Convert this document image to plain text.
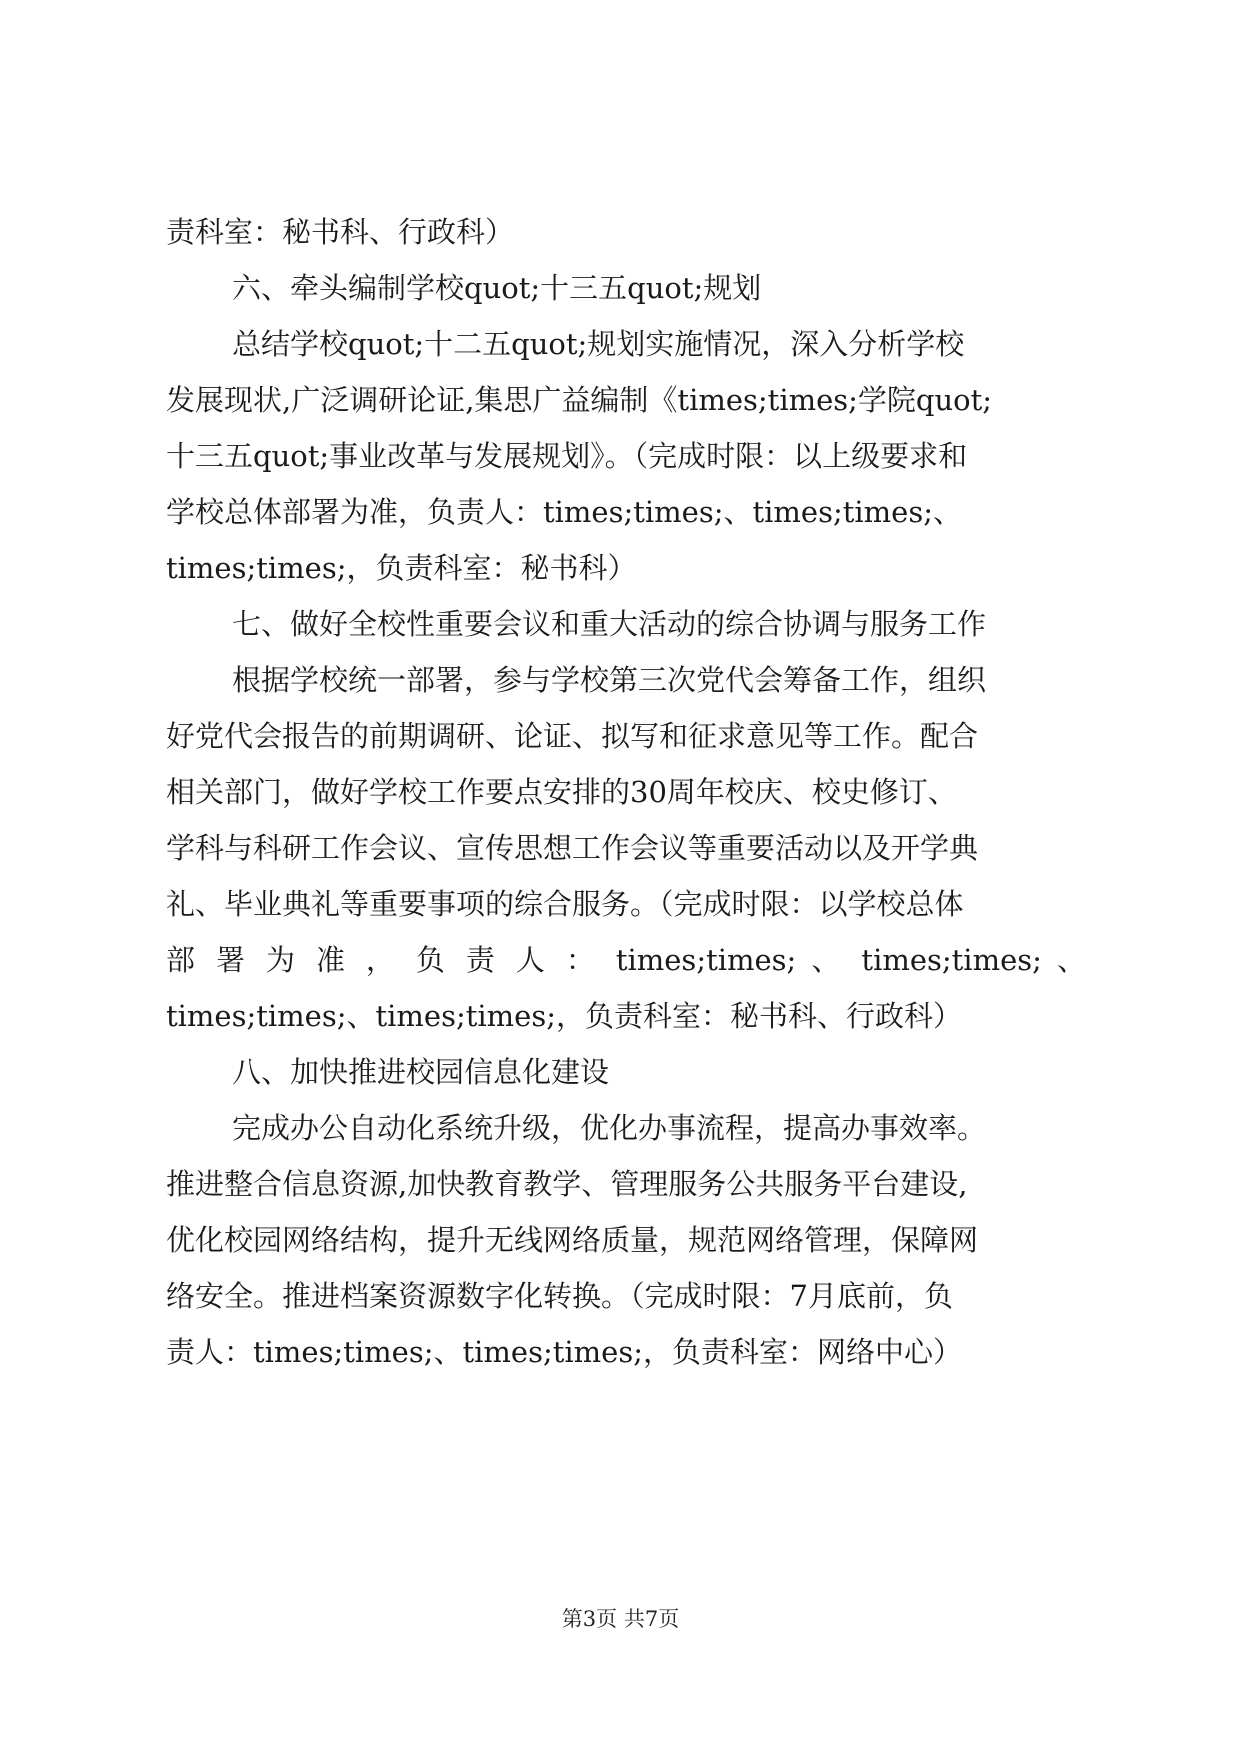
责科室：秘书科、行政科）
六、牵头编制学校quot;十三五quot;规划
总结学校quot;十二五quot;规划实施情况，深入分析学校
发展现状,广泛调研论证,集思广益编制《times;times;学院quot;
十三五quot;事业改革与发展规划》。（完成时限：以上级要求和
学校总体部署为准，负责人：times;times;、times;times;、
times;times;，负责科室：秘书科）
七、做好全校性重要会议和重大活动的综合协调与服务工作
根据学校统一部署，参与学校第三次党代会筹备工作，组织
好党代会报告的前期调研、论证、拟写和征求意见等工作。配合
相关部门，做好学校工作要点安排的30周年校庆、校史修订、
学科与科研工作会议、宣传思想工作会议等重要活动以及开学典
礼、毕业典礼等重要事项的综合服务。（完成时限：以学校总体
部 署 为 准 ， 负 责 人 ： times;times; 、 times;times; 、
times;times;、times;times;，负责科室：秘书科、行政科）
八、加快推进校园信息化建设
完成办公自动化系统升级，优化办事流程，提高办事效率。
推进整合信息资源,加快教育教学、管理服务公共服务平台建设,
优化校园网络结构，提升无线网络质量，规范网络管理，保障网
络安全。推进档案资源数字化转换。（完成时限：7月底前，负
责人：times;times;、times;times;，负责科室：网络中心）
第3页 共7页
